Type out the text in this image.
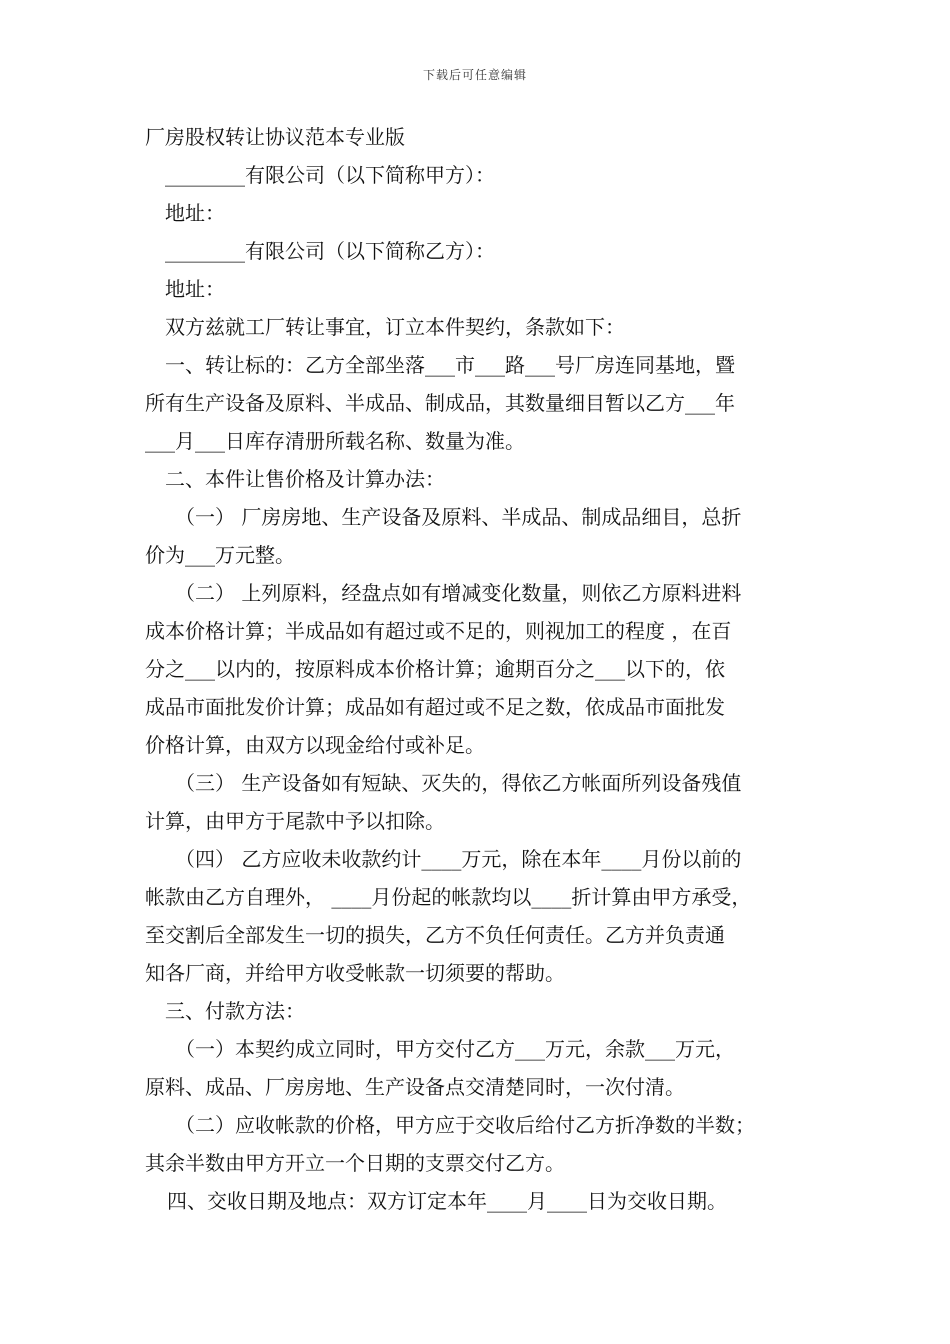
下载后可任意编辑
厂房股权转让协议范本专业版
________有限公司（以下简称甲方）：
地址：
________有限公司（以下简称乙方）：
地址：
双方兹就工厂转让事宜，订立本件契约，条款如下：
一、转让标的：乙方全部坐落___市___路___号厂房连同基地，暨
所有生产设备及原料、半成品、制成品，其数量细目暂以乙方___年
___月___日库存清册所载名称、数量为准。
二、本件让售价格及计算办法：
（一） 厂房房地、生产设备及原料、半成品、制成品细目，总折
价为___万元整。
（二） 上列原料，经盘点如有增减变化数量，则依乙方原料进料
成本价格计算；半成品如有超过或不足的，则视加工的程度 ，在百
分之___以内的，按原料成本价格计算；逾期百分之___以下的，依
成品市面批发价计算；成品如有超过或不足之数，依成品市面批发
价格计算，由双方以现金给付或补足。
（三） 生产设备如有短缺、灭失的，得依乙方帐面所列设备残值
计算，由甲方于尾款中予以扣除。
（四） 乙方应收未收款约计____万元，除在本年____月份以前的
帐款由乙方自理外， ____月份起的帐款均以____折计算由甲方承受，
至交割后全部发生一切的损失，乙方不负任何责任。乙方并负责通
知各厂商，并给甲方收受帐款一切须要的帮助。
三、付款方法：
（一）本契约成立同时，甲方交付乙方___万元，余款___万元，
原料、成品、厂房房地、生产设备点交清楚同时，一次付清。
（二）应收帐款的价格，甲方应于交收后给付乙方折净数的半数；
其余半数由甲方开立一个日期的支票交付乙方。
四、交收日期及地点：双方订定本年____月____日为交收日期。
